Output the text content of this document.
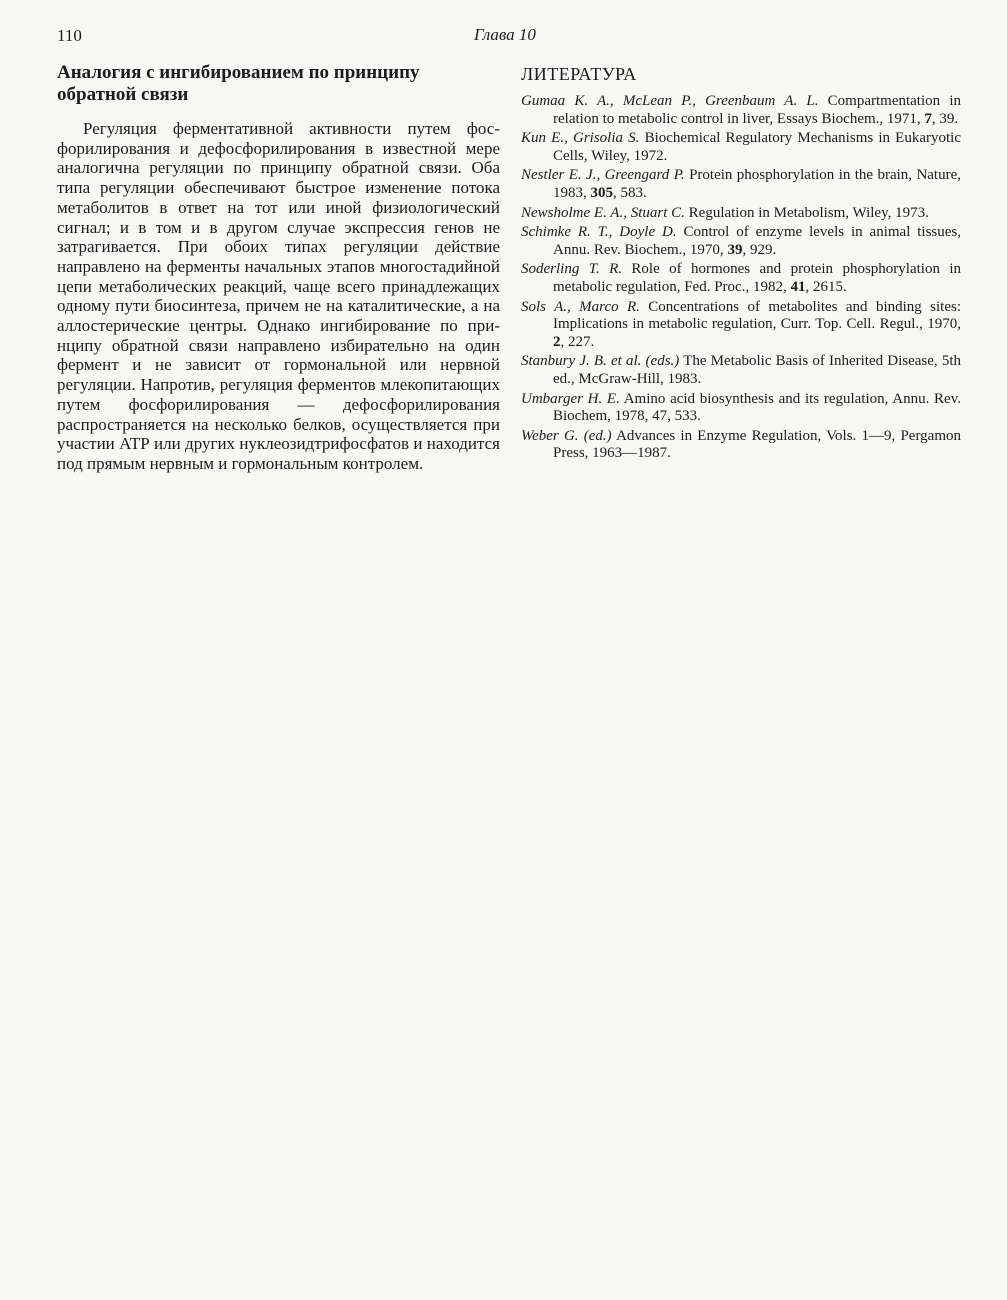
110	Глава 10
Аналогия с ингибированием по принципу обратной связи

Регуляция ферментативной активности путем фосфорилирования и дефосфорилирования в известной мере аналогична регуляции по принципу обратной связи. Оба типа регуляции обеспечивают быстрое изменение потока метаболитов в ответ на тот или иной физиологический сигнал; и в том и в другом случае экспрессия генов не затрагивается. При обоих типах регуляции действие направлено на ферменты начальных этапов многостадийной цепи метаболических реакций, чаще всего принадлежащих одному пути биосинтеза, причем не на каталитические, а на аллостерические центры. Однако ингибирование по принципу обратной связи направлено избирательно на один фермент и не зависит от гормональной или нервной регуляции. Напротив, регуляция ферментов млекопитающих путем фосфорилирования — дефосфорилирования распространяется на несколько белков, осуществляется при участии АТР или других нуклеозидтрифосфатов и находится под прямым нервным и гормональным контролем.

ЛИТЕРАТУРА
Gumaa K. A., McLean P., Greenbaum A. L. Compartmentation in relation to metabolic control in liver, Essays Biochem., 1971, 7, 39.
Kun E., Grisolia S. Biochemical Regulatory Mechanisms in Eukaryotic Cells, Wiley, 1972.
Nestler E. J., Greengard P. Protein phosphorylation in the brain, Nature, 1983, 305, 583.
Newsholme E. A., Stuart C. Regulation in Metabolism, Wiley, 1973.
Schimke R. T., Doyle D. Control of enzyme levels in animal tissues, Annu. Rev. Biochem., 1970, 39, 929.
Soderling T. R. Role of hormones and protein phosphorylation in metabolic regulation, Fed. Proc., 1982, 41, 2615.
Sols A., Marco R. Concentrations of metabolites and binding sites: Implications in metabolic regulation, Curr. Top. Cell. Regul., 1970, 2, 227.
Stanbury J. B. et al. (eds.) The Metabolic Basis of Inherited Disease, 5th ed., McGraw-Hill, 1983.
Umbarger H. E. Amino acid biosynthesis and its regulation, Annu. Rev. Biochem, 1978, 47, 533.
Weber G. (ed.) Advances in Enzyme Regulation, Vols. 1—9, Pergamon Press, 1963—1987.
